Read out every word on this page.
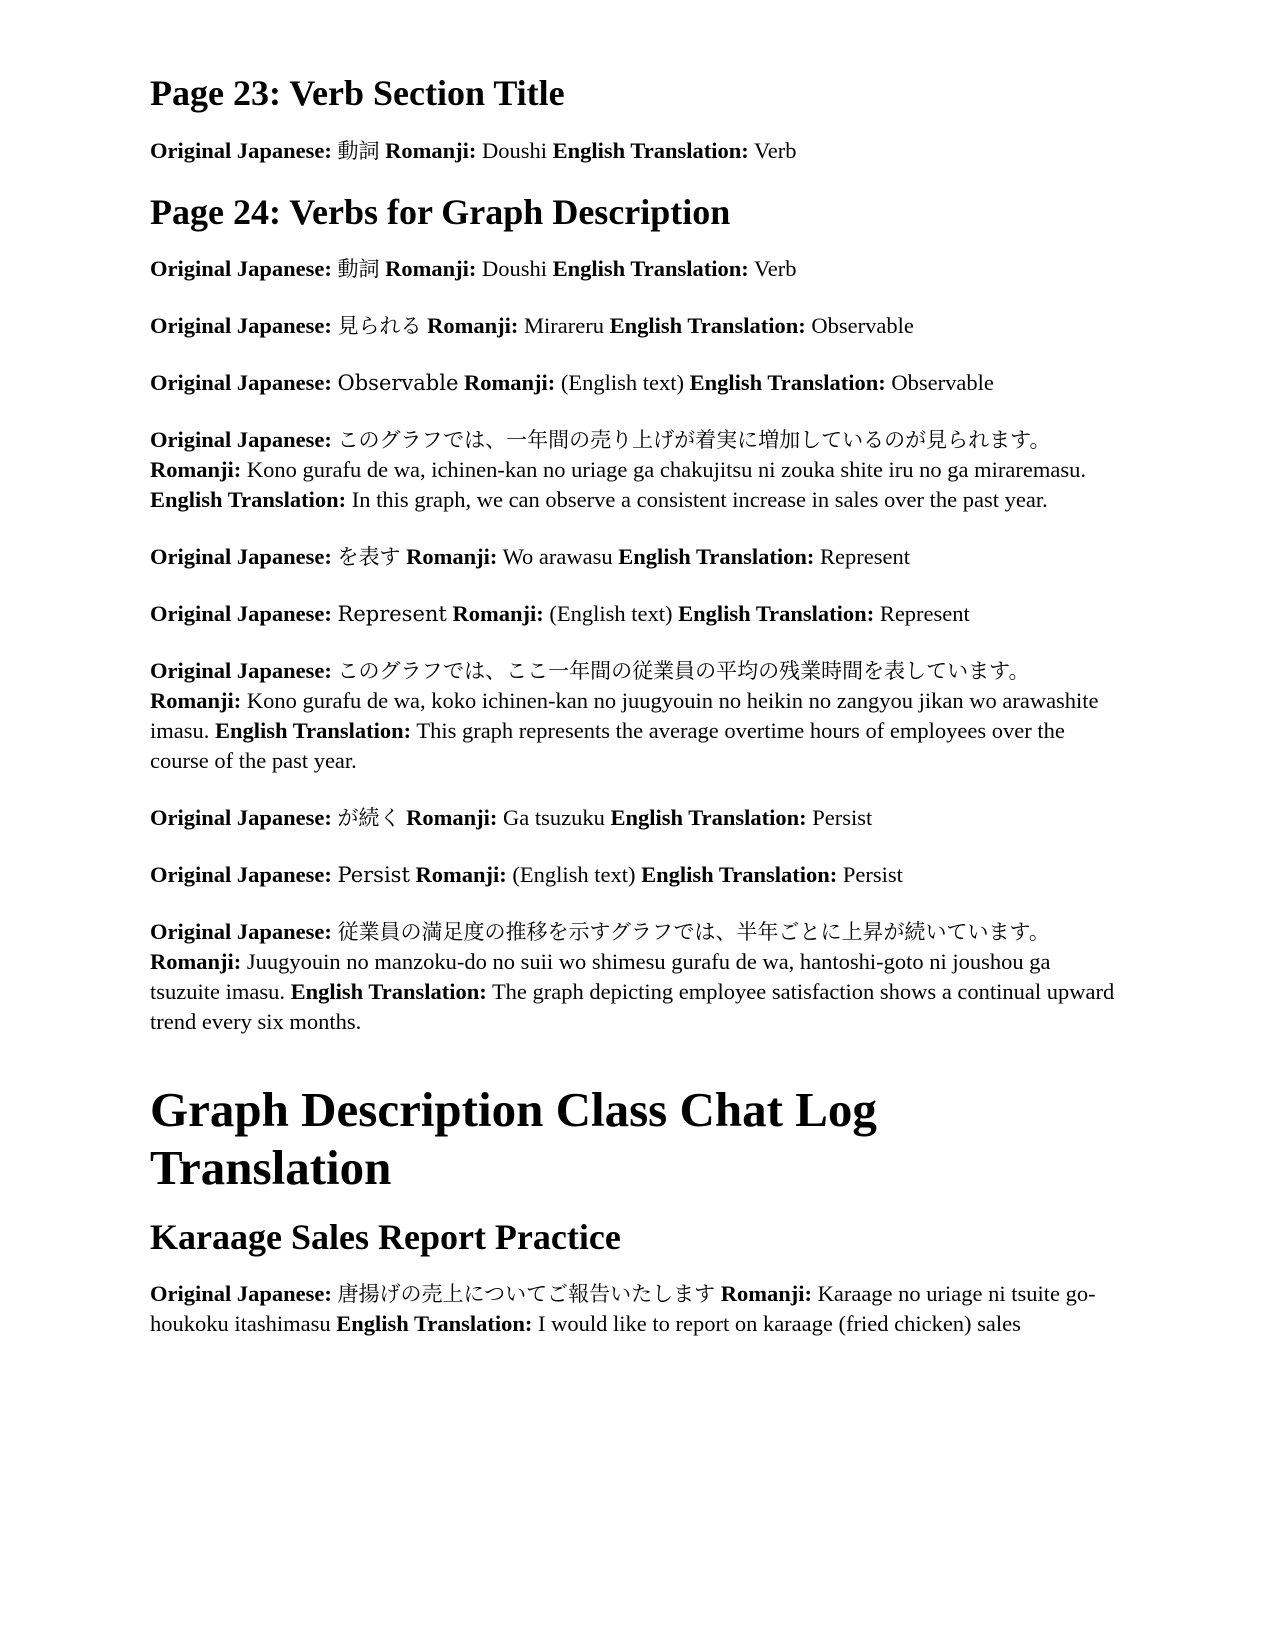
Page 23: Verb Section Title

Original Japanese: 動詞 Romanji: Doushi English Translation: Verb

Page 24: Verbs for Graph Description

Original Japanese: 動詞 Romanji: Doushi English Translation: Verb

Original Japanese: 見られる Romanji: Mirareru English Translation: Observable

Original Japanese: Observable Romanji: (English text) English Translation: Observable

Original Japanese: このグラフでは、一年間の売り上げが着実に増加しているのが見られます。 Romanji: Kono gurafu de wa, ichinen-kan no uriage ga chakujitsu ni zouka shite iru no ga miraremasu. English Translation: In this graph, we can observe a consistent increase in sales over the past year.

Original Japanese: を表す Romanji: Wo arawasu English Translation: Represent

Original Japanese: Represent Romanji: (English text) English Translation: Represent

Original Japanese: このグラフでは、ここ一年間の従業員の平均の残業時間を表しています。 Romanji: Kono gurafu de wa, koko ichinen-kan no juugyouin no heikin no zangyou jikan wo arawashite imasu. English Translation: This graph represents the average overtime hours of employees over the course of the past year.

Original Japanese: が続く Romanji: Ga tsuzuku English Translation: Persist

Original Japanese: Persist Romanji: (English text) English Translation: Persist

Original Japanese: 従業員の満足度の推移を示すグラフでは、半年ごとに上昇が続いています。 Romanji: Juugyouin no manzoku-do no suii wo shimesu gurafu de wa, hantoshi-goto ni joushou ga tsuzuite imasu. English Translation: The graph depicting employee satisfaction shows a continual upward trend every six months.

Graph Description Class Chat Log Translation
Karaage Sales Report Practice

Original Japanese: 唐揚げの売上についてご報告いたします Romanji: Karaage no uriage ni tsuite go-houkoku itashimasu English Translation: I would like to report on karaage (fried chicken) sales
